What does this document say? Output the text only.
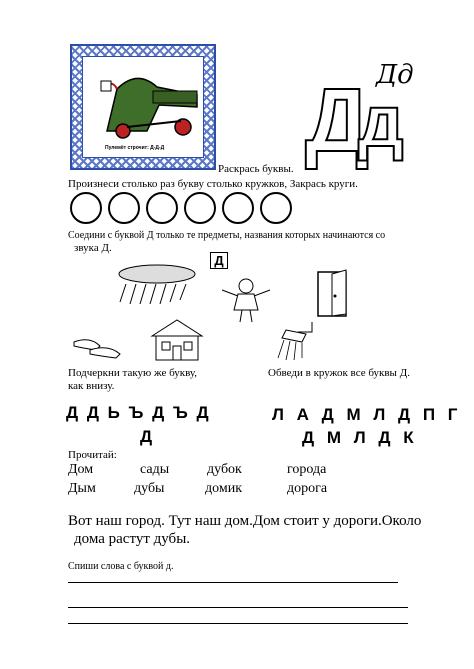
Пулемёт строчит: Д-Д-Д Д
д
Дд
Раскрась буквы.
Произнеси столько раз букву столько кружков, Закрась круги.
Соедини с буквой Д только те предметы, названия которых начинаются со
звука Д.
Д
Подчеркни такую же букву,
как внизу.
Обведи в кружок все буквы Д.
Д Д Ь Ъ Д Ъ Д
Д
Л А Д М Л Д П Г
Д М Л Д К
Прочитай:
Дом	сады	дубок	города
Дым	дубы	домик	дорога
Вот наш город. Тут наш дом.Дом стоит у дороги.Около
дома растут дубы.
Спиши слова с буквой д.
